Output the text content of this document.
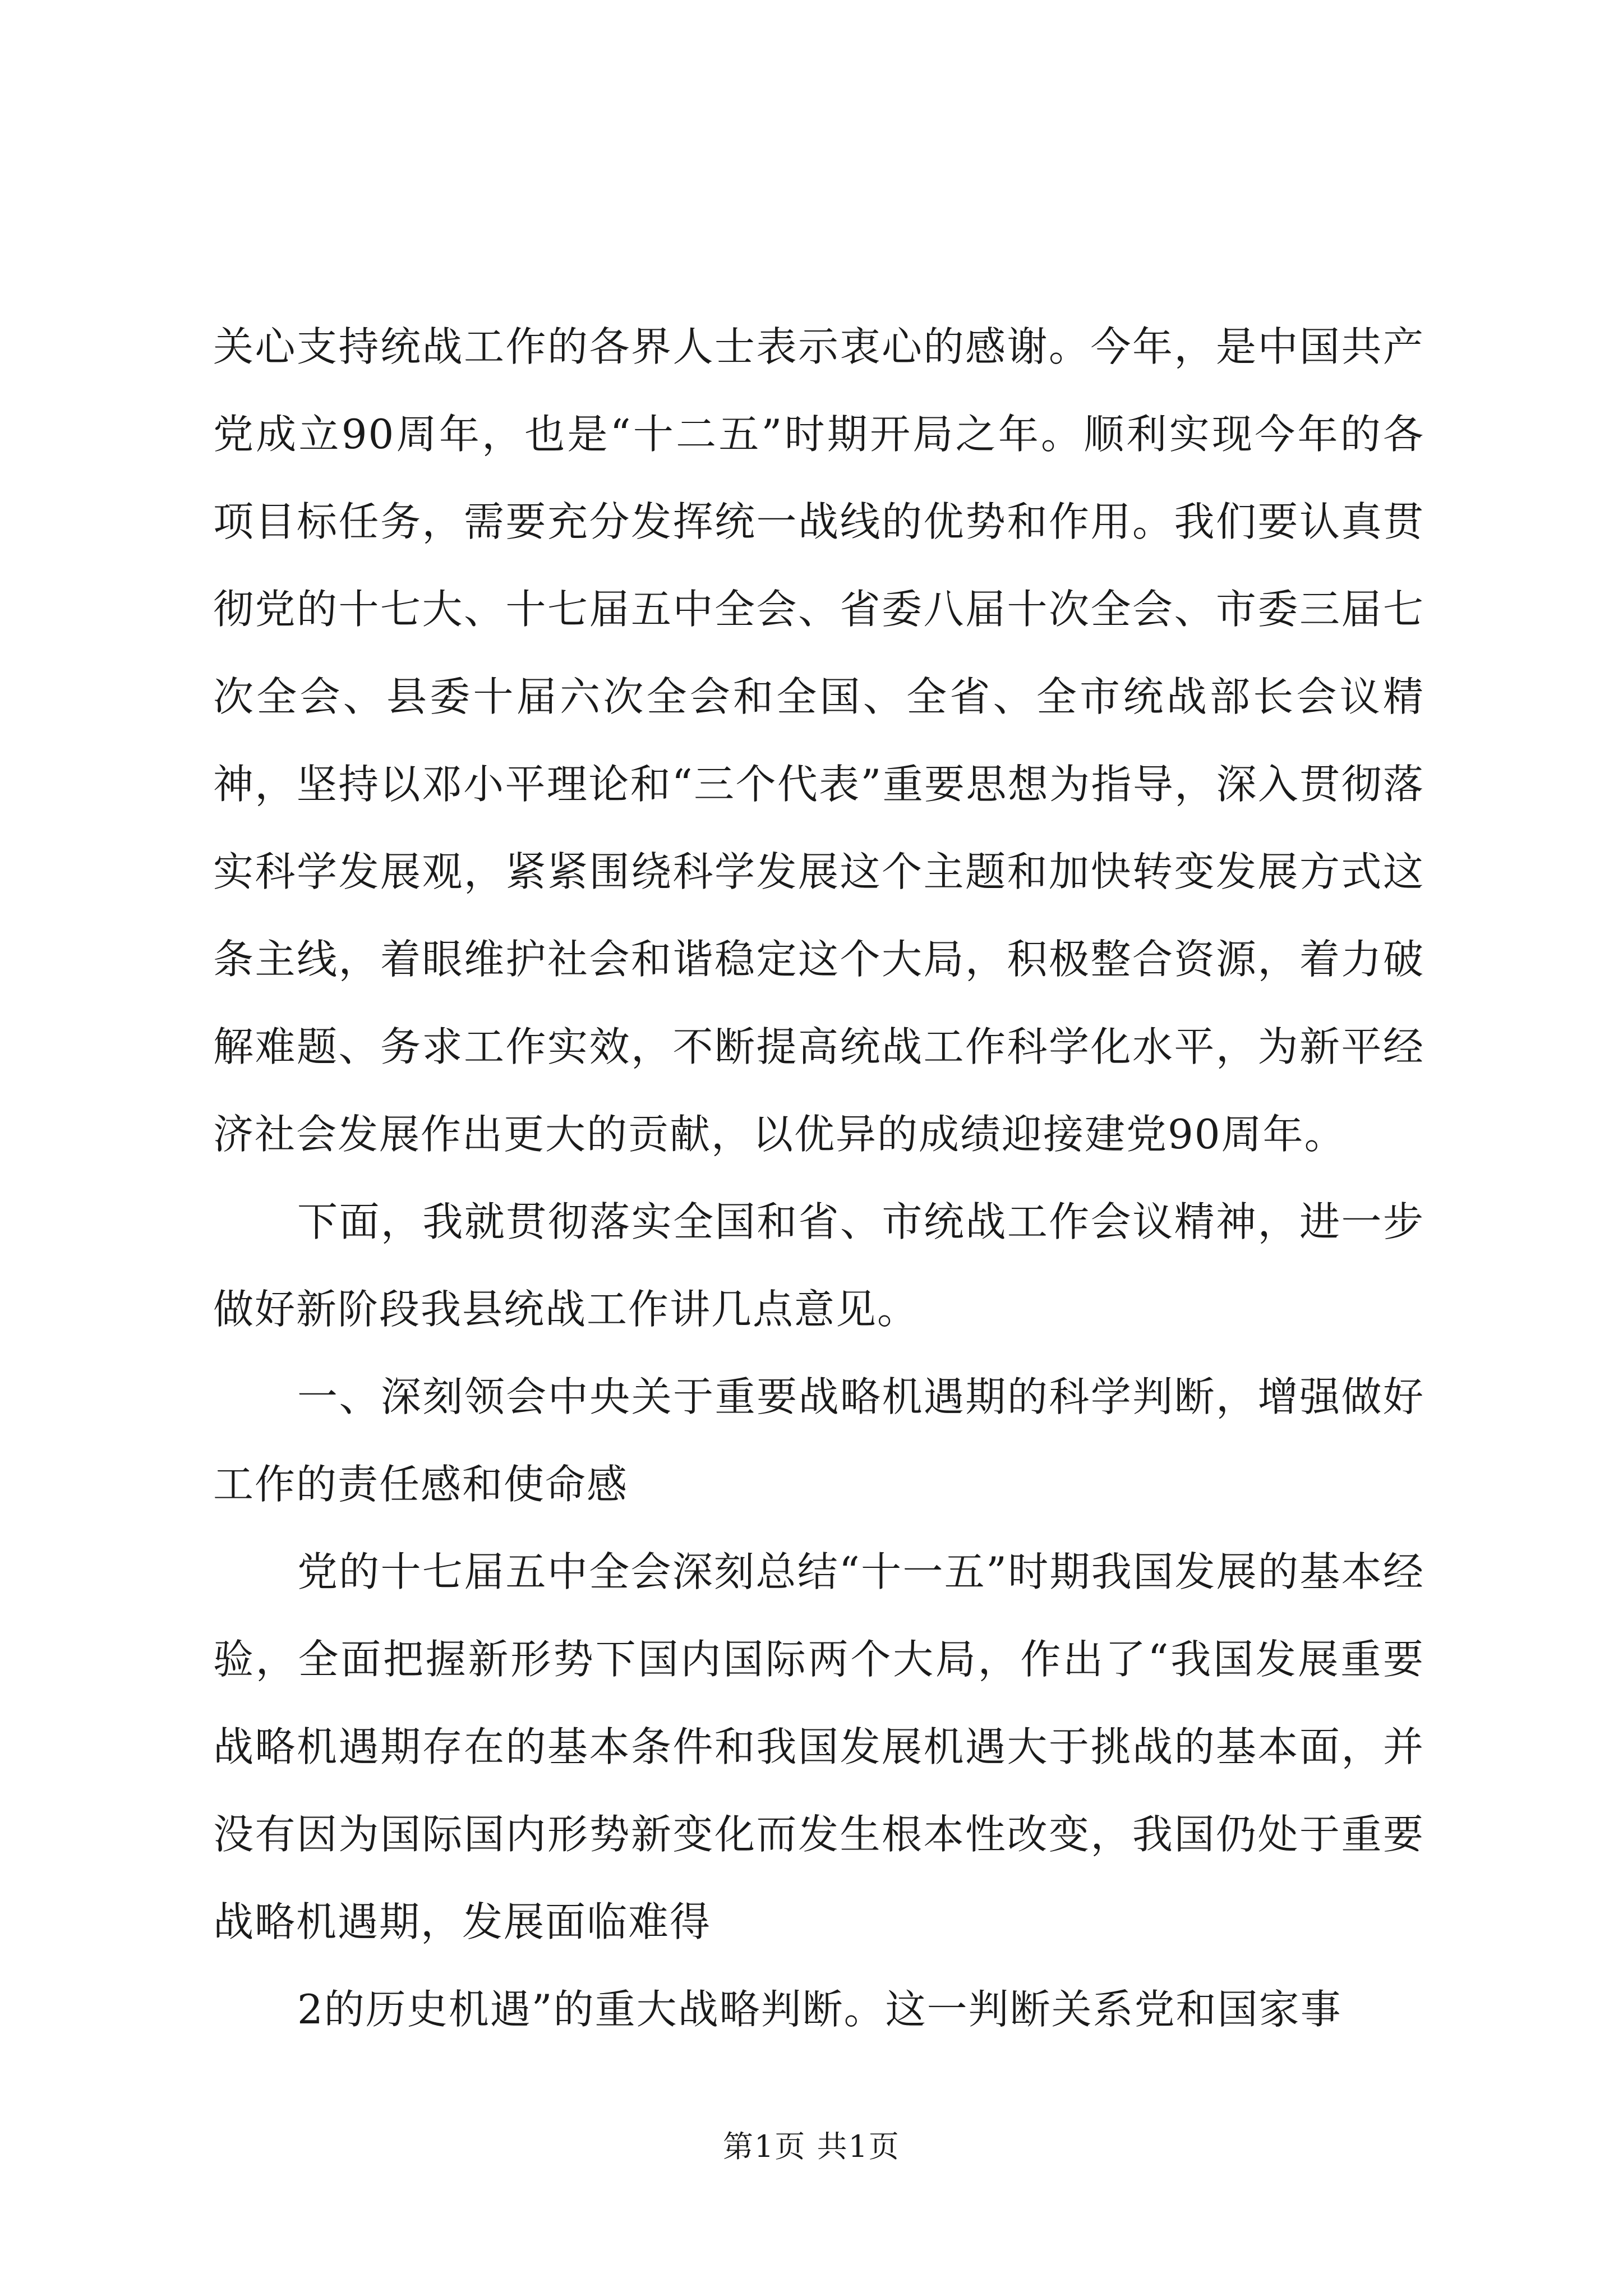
关心支持统战工作的各界人士表示衷心的感谢。今年，是中国共产党成立90周年，也是“十二五”时期开局之年。顺利实现今年的各项目标任务，需要充分发挥统一战线的优势和作用。我们要认真贯彻党的十七大、十七届五中全会、省委八届十次全会、市委三届七次全会、县委十届六次全会和全国、全省、全市统战部长会议精神，坚持以邓小平理论和“三个代表”重要思想为指导，深入贯彻落实科学发展观，紧紧围绕科学发展这个主题和加快转变发展方式这条主线，着眼维护社会和谐稳定这个大局，积极整合资源，着力破解难题、务求工作实效，不断提高统战工作科学化水平，为新平经济社会发展作出更大的贡献，以优异的成绩迎接建党90周年。

下面，我就贯彻落实全国和省、市统战工作会议精神，进一步做好新阶段我县统战工作讲几点意见。

一、深刻领会中央关于重要战略机遇期的科学判断，增强做好工作的责任感和使命感

党的十七届五中全会深刻总结“十一五”时期我国发展的基本经验，全面把握新形势下国内国际两个大局，作出了“我国发展重要战略机遇期存在的基本条件和我国发展机遇大于挑战的基本面，并没有因为国际国内形势新变化而发生根本性改变，我国仍处于重要战略机遇期，发展面临难得

2的历史机遇”的重大战略判断。这一判断关系党和国家事

第1页 共1页
